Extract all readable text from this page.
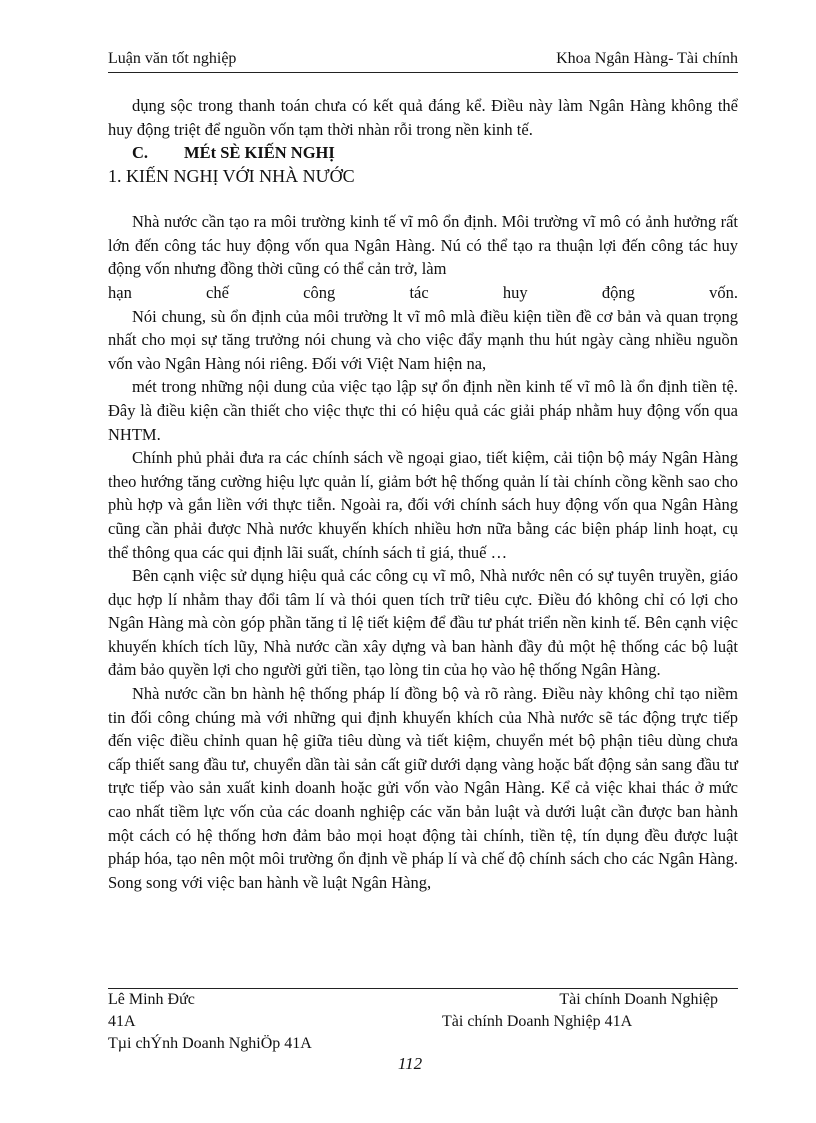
Luận văn tốt nghiệp	Khoa Ngân Hàng- Tài chính

dụng sộc trong thanh toán chưa có kết quả đáng kể. Điều này làm Ngân Hàng không thể huy động triệt để nguồn vốn tạm thời nhàn rỗi trong nền kinh tế.

C. MÉt SÈ KIẾN NGHỊ
1. KIẾN NGHỊ VỚI NHÀ NƯỚC

Nhà nước cần tạo ra môi trường kinh tế vĩ mô ổn định. Môi trường vĩ mô có ảnh hưởng rất lớn đến công tác huy động vốn qua Ngân Hàng. Nú có thể tạo ra thuận lợi đến công tác huy động vốn nhưng đồng thời cũng có thể cản trở, làm

hạn chế công tác huy động vốn.

Nói chung, sù ổn định của môi trường lt vĩ mô mlà điều kiện tiền đề cơ bản và quan trọng nhất cho mọi sự tăng trưởng nói chung và cho việc đẩy mạnh thu hút ngày càng nhiều nguồn vốn vào Ngân Hàng nói riêng. Đối với Việt Nam hiện na,

mét trong những nội dung của việc tạo lập sự ổn định nền kinh tế vĩ mô là ổn định tiền tệ. Đây là điều kiện cần thiết cho việc thực thi có hiệu quả các giải pháp nhằm huy động vốn qua NHTM.

Chính phủ phải đưa ra các chính sách về ngoại giao, tiết kiệm, cải tiộn bộ máy Ngân Hàng theo hướng tăng cường hiệu lực quản lí, giảm bớt hệ thống quản lí tài chính cồng kềnh sao cho phù hợp và gắn liền với thực tiễn. Ngoài ra, đối với chính sách huy động vốn qua Ngân Hàng cũng cần phải được Nhà nước khuyến khích nhiều hơn nữa bằng các biện pháp linh hoạt, cụ thể thông qua các qui định lãi suất, chính sách tỉ giá, thuế …

Bên cạnh việc sử dụng hiệu quả các công cụ vĩ mô, Nhà nước nên có sự tuyên truyền, giáo dục hợp lí nhằm thay đổi tâm lí và thói quen tích trữ tiêu cực. Điều đó không chỉ có lợi cho Ngân Hàng mà còn góp phần tăng tỉ lệ tiết kiệm để đầu tư phát triển nền kinh tế. Bên cạnh việc khuyến khích tích lũy, Nhà nước cần xây dựng và ban hành đầy đủ một hệ thống các bộ luật đảm bảo quyền lợi cho người gửi tiền, tạo lòng tin của họ vào hệ thống Ngân Hàng.

Nhà nước cần bn hành hệ thống pháp lí đồng bộ và rõ ràng. Điều này không chỉ tạo niềm tin đối công chúng mà với những qui định khuyến khích của Nhà nước sẽ tác động trực tiếp đến việc điều chỉnh quan hệ giữa tiêu dùng và tiết kiệm, chuyển mét bộ phận tiêu dùng chưa cấp thiết sang đầu tư, chuyển dần tài sản cất giữ dưới dạng vàng hoặc bất động sản sang đầu tư trực tiếp vào sản xuất kinh doanh hoặc gửi vốn vào Ngân Hàng. Kể cả việc khai thác ở mức cao nhất tiềm lực vốn của các doanh nghiệp các văn bản luật và dưới luật cần được ban hành một cách có hệ thống hơn đảm bảo mọi hoạt động tài chính, tiền tệ, tín dụng đều được luật pháp hóa, tạo nên một môi trường ổn định về pháp lí và chế độ chính sách cho các Ngân Hàng. Song song với việc ban hành về luật Ngân Hàng,

Lê Minh Đức	Tài chính Doanh Nghiệp
41A	Tài chính Doanh Nghiệp 41A
Tµi chÝnh Doanh NghiÖp 41A
112
